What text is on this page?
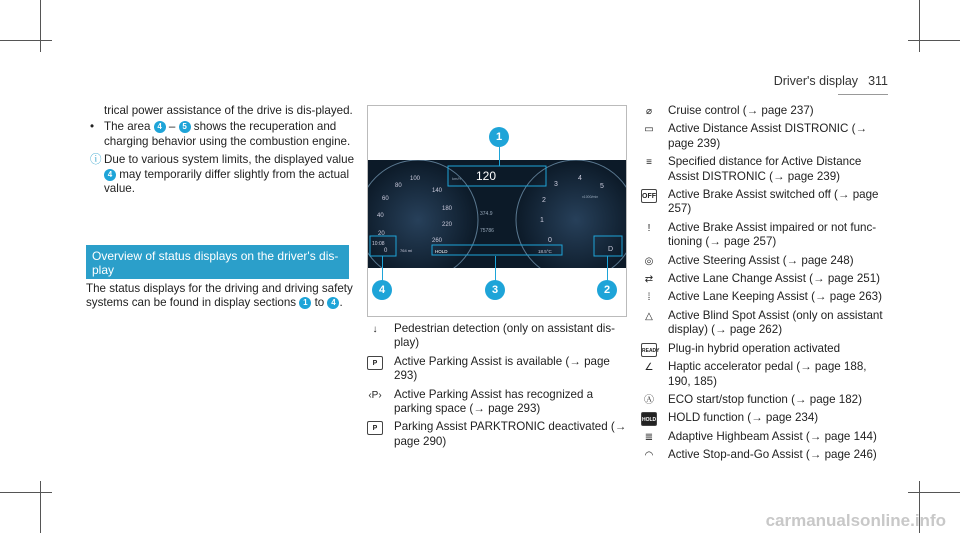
Driver's display 311

trical power assistance of the drive is dis-played.

• The area 4 – 5 shows the recuperation and charging behavior using the combustion engine.

ⓘ Due to various system limits, the displayed value 4 may temporarily differ slightly from the actual value.

Overview of status displays on the driver's dis-play

The status displays for the driving and driving safety systems can be found in display sections 1 to 4 .

0
20
40
60
80
100
140
180
220
260	0
1
2
3
4
5
120
km/h
374.9
75786
x1000/min
HOLD	18.5°C
10:08
764 mi	D
1
2
3
4
↓	Pedestrian detection (only on assistant dis-play)
P	Active Parking Assist is available (→ page 293)
‹P› Active Parking Assist has recognized a parking space (→ page 293)
P	Parking Assist PARKTRONIC deactivated (→ page 290)
⌀	Cruise control (→ page 237)
▭ Active Distance Assist DISTRONIC (→ page 239)
≡	Specified distance for Active Distance Assist DISTRONIC (→ page 239)
OFF Active Brake Assist switched off (→ page 257)
!	Active Brake Assist impaired or not func-tioning (→ page 257)
◎	Active Steering Assist (→ page 248)
⇄	Active Lane Change Assist (→ page 251)
⁞	Active Lane Keeping Assist (→ page 263)
△	Active Blind Spot Assist (only on assistant display) (→ page 262)
READY Plug-in hybrid operation activated
∠	Haptic accelerator pedal (→ page 188, 190, 185)
Ⓐ ECO start/stop function (→ page 182)
HOLD HOLD function (→ page 234)
≣	Adaptive Highbeam Assist (→ page 144)
◠	Active Stop-and-Go Assist (→ page 246)
carmanualsonline.info
